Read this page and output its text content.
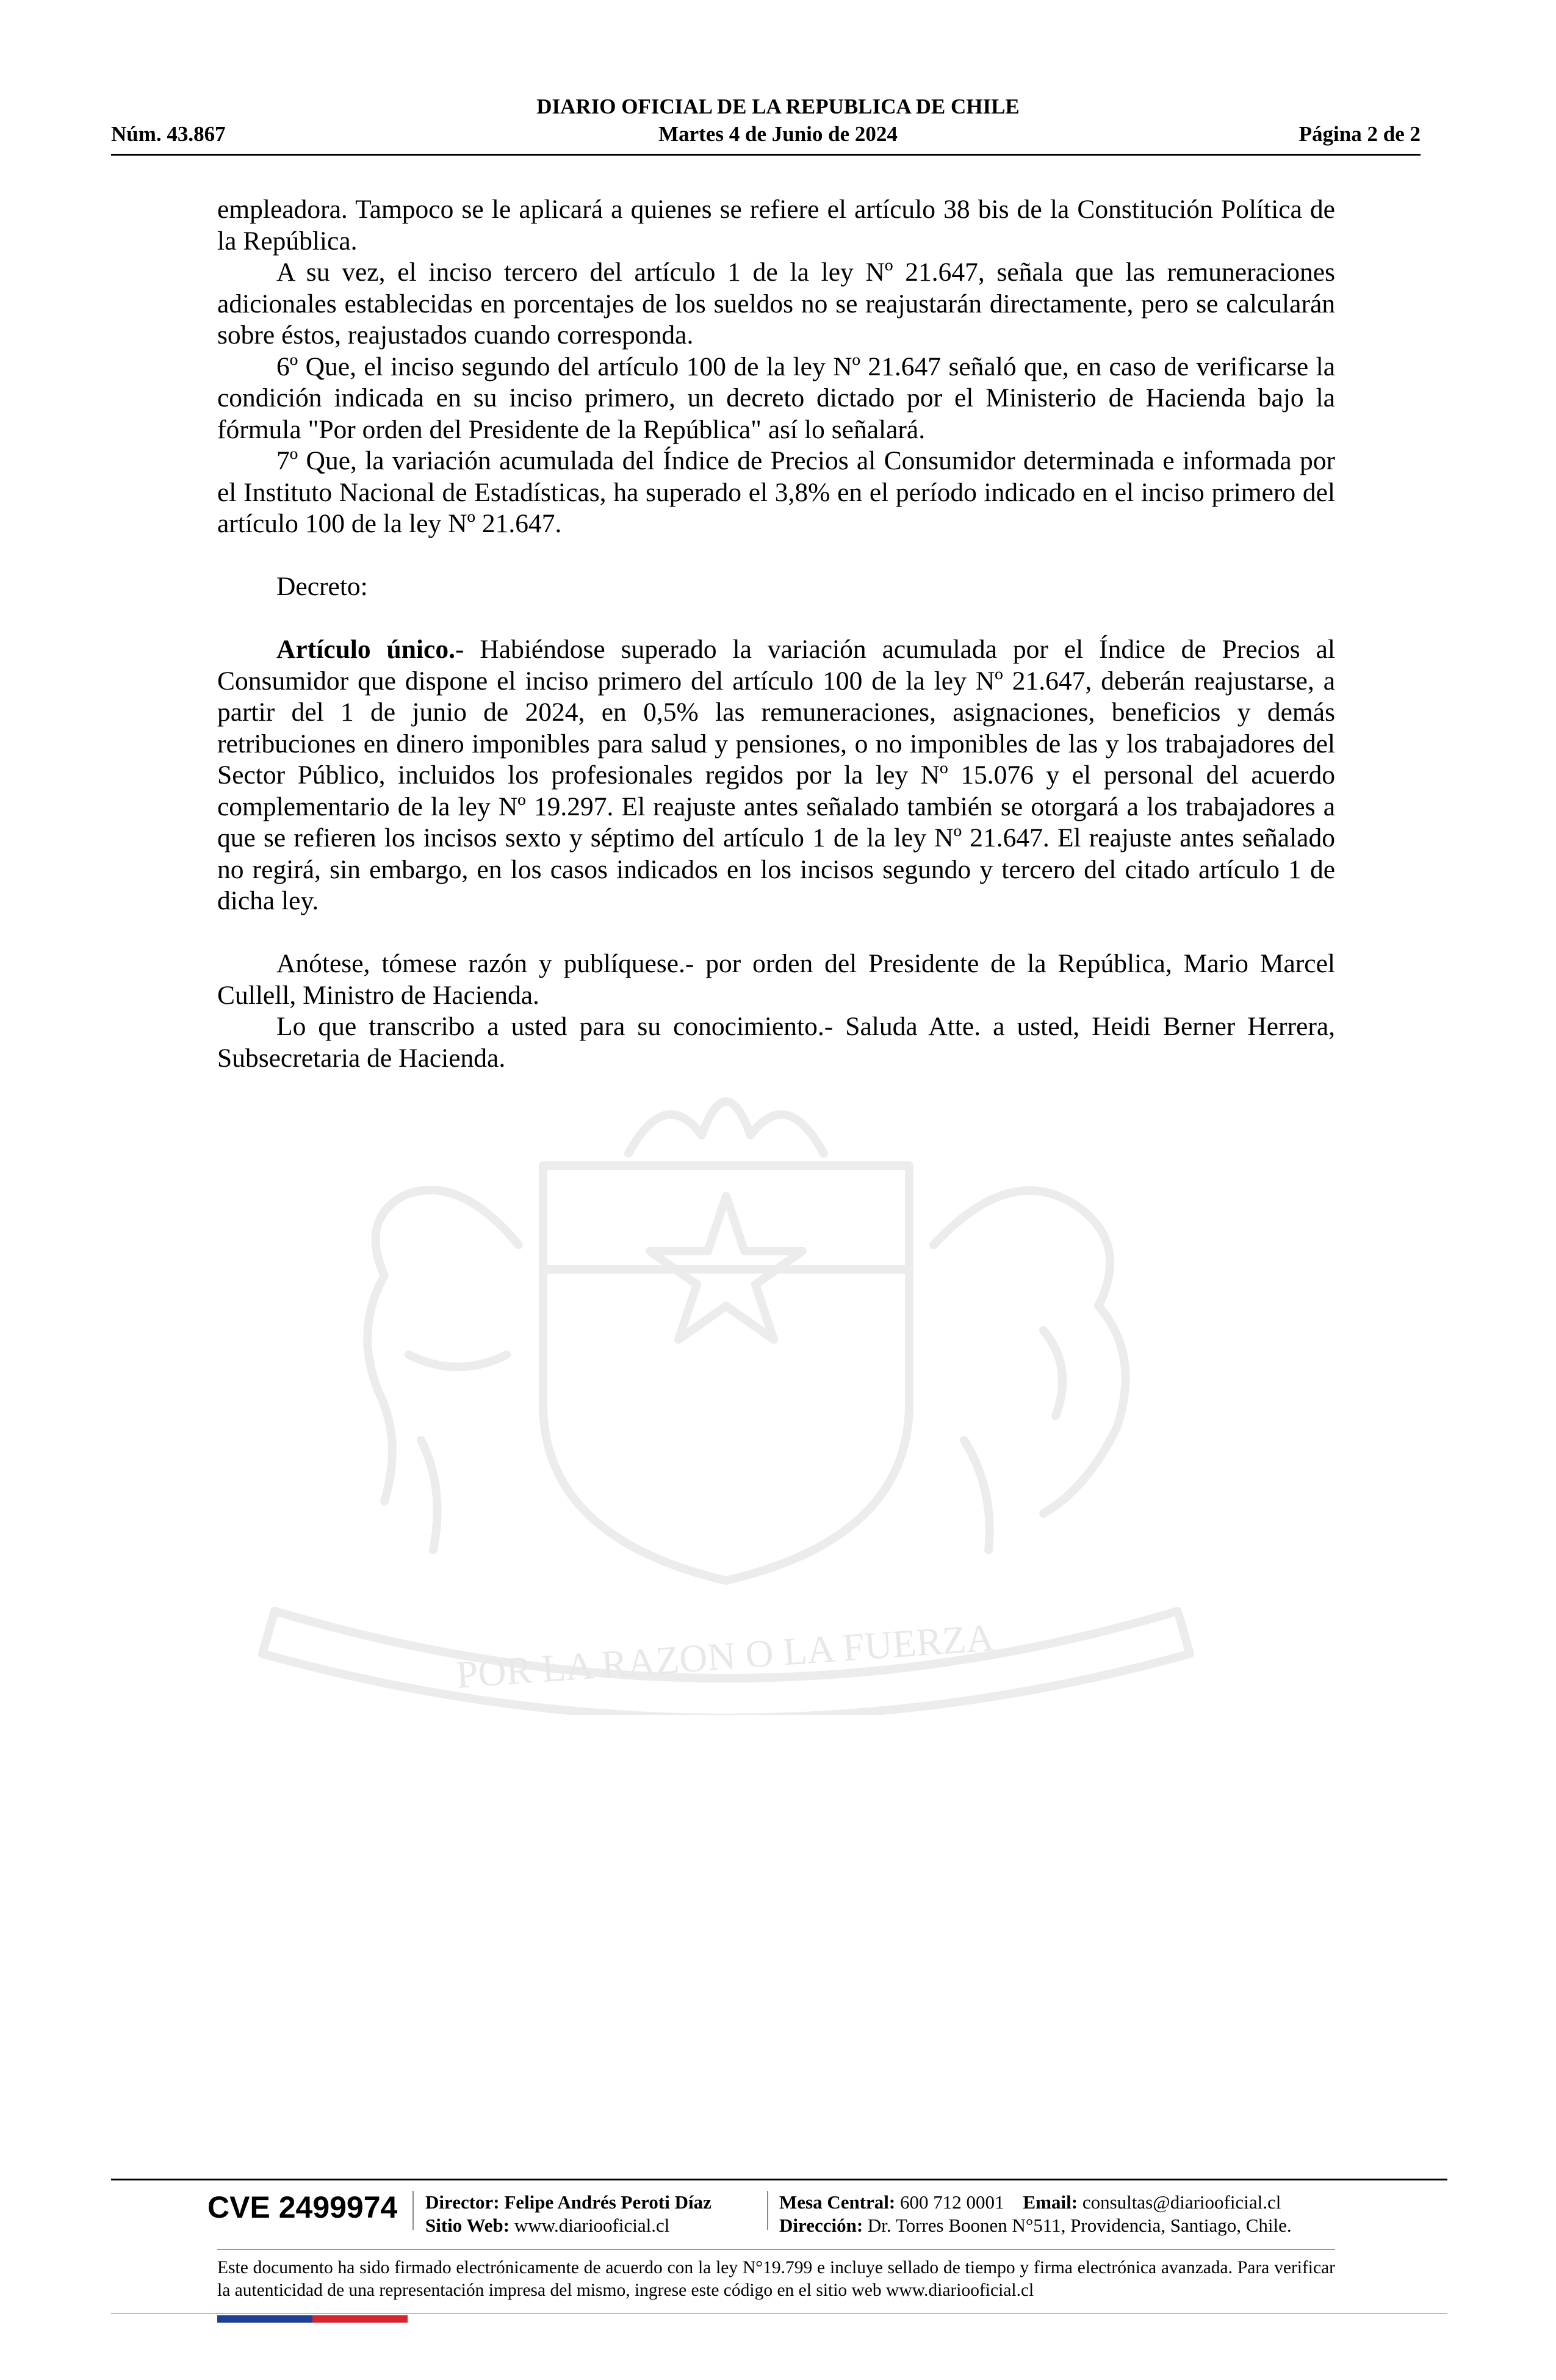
DIARIO OFICIAL DE LA REPUBLICA DE CHILE
Núm. 43.867	Martes 4 de Junio de 2024	Página 2 de 2
POR LA RAZON O LA FUERZA

empleadora. Tampoco se le aplicará a quienes se refiere el artículo 38 bis de la Constitución Política de la República.

A su vez, el inciso tercero del artículo 1 de la ley Nº 21.647, señala que las remuneraciones adicionales establecidas en porcentajes de los sueldos no se reajustarán directamente, pero se calcularán sobre éstos, reajustados cuando corresponda.

6º Que, el inciso segundo del artículo 100 de la ley Nº 21.647 señaló que, en caso de verificarse la condición indicada en su inciso primero, un decreto dictado por el Ministerio de Hacienda bajo la fórmula "Por orden del Presidente de la República" así lo señalará.

7º Que, la variación acumulada del Índice de Precios al Consumidor determinada e informada por el Instituto Nacional de Estadísticas, ha superado el 3,8% en el período indicado en el inciso primero del artículo 100 de la ley Nº 21.647.

Decreto:

Artículo único.- Habiéndose superado la variación acumulada por el Índice de Precios al Consumidor que dispone el inciso primero del artículo 100 de la ley Nº 21.647, deberán reajustarse, a partir del 1 de junio de 2024, en 0,5% las remuneraciones, asignaciones, beneficios y demás retribuciones en dinero imponibles para salud y pensiones, o no imponibles de las y los trabajadores del Sector Público, incluidos los profesionales regidos por la ley Nº 15.076 y el personal del acuerdo complementario de la ley Nº 19.297. El reajuste antes señalado también se otorgará a los trabajadores a que se refieren los incisos sexto y séptimo del artículo 1 de la ley Nº 21.647. El reajuste antes señalado no regirá, sin embargo, en los casos indicados en los incisos segundo y tercero del citado artículo 1 de dicha ley.

Anótese, tómese razón y publíquese.- por orden del Presidente de la República, Mario Marcel Cullell, Ministro de Hacienda.

Lo que transcribo a usted para su conocimiento.- Saluda Atte. a usted, Heidi Berner Herrera, Subsecretaria de Hacienda.

CVE 2499974 Director: Felipe Andrés Peroti Díaz
Sitio Web: www.diariooficial.cl
Mesa Central: 600 712 0001 Email: consultas@diariooficial.cl
Dirección: Dr. Torres Boonen N°511, Providencia, Santiago, Chile.
Este documento ha sido firmado electrónicamente de acuerdo con la ley N°19.799 e incluye sellado de tiempo y firma electrónica avanzada. Para verificar la autenticidad de una representación impresa del mismo, ingrese este código en el sitio web www.diariooficial.cl
